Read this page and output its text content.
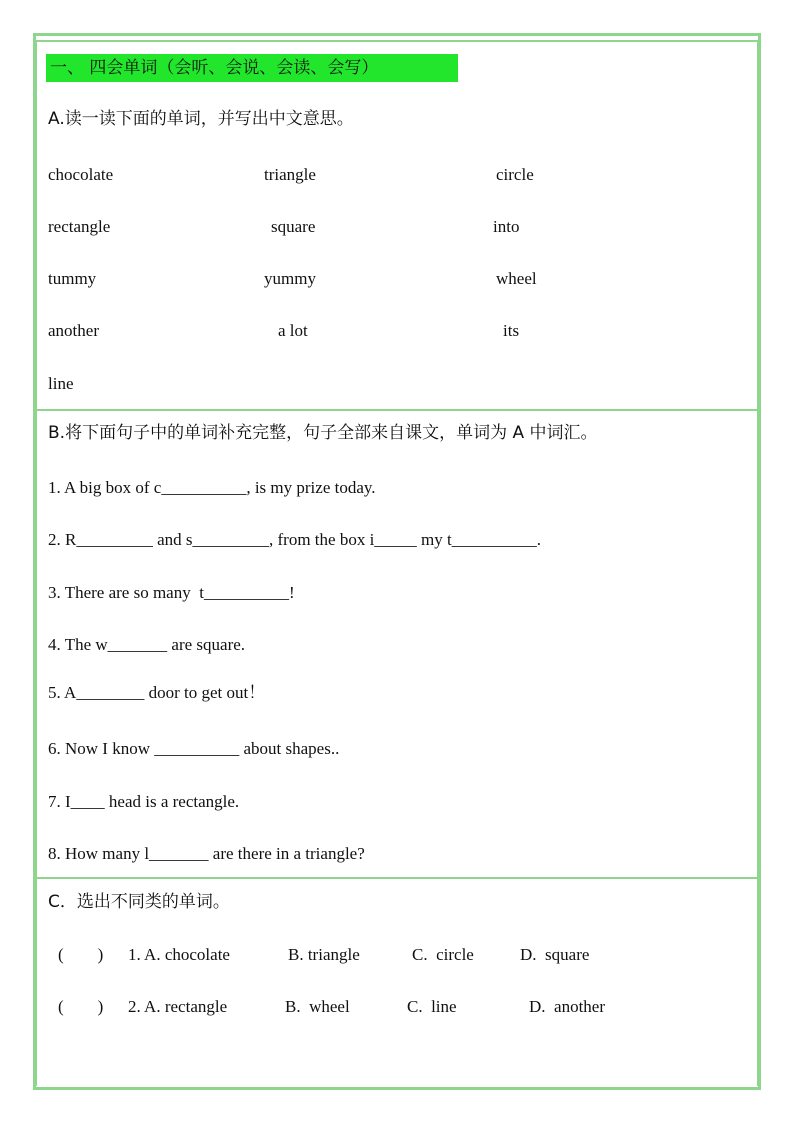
一、 四会单词（会听、会说、会读、会写）
A.读一读下面的单词，并写出中文意思。
chocolate	triangle	circle
rectangle	square	into
tummy	yummy	wheel
another	a lot	its
line
B.将下面句子中的单词补充完整，句子全部来自课文，单词为 A 中词汇。
1. A big box of c__________, is my prize today.
2. R_________ and s_________, from the box i_____ my t__________.
3. There are so many  t__________!
4. The w_______ are square.
5. A________ door to get out！
6. Now I know __________ about shapes..
7. I____ head is a rectangle.
8. How many l_______ are there in a triangle?
C．选出不同类的单词。
(        ) 1. A. chocolate	B. triangle	C.  circle	D.  square
(        ) 2. A. rectangle	B.  wheel	C.  line	D.  another
